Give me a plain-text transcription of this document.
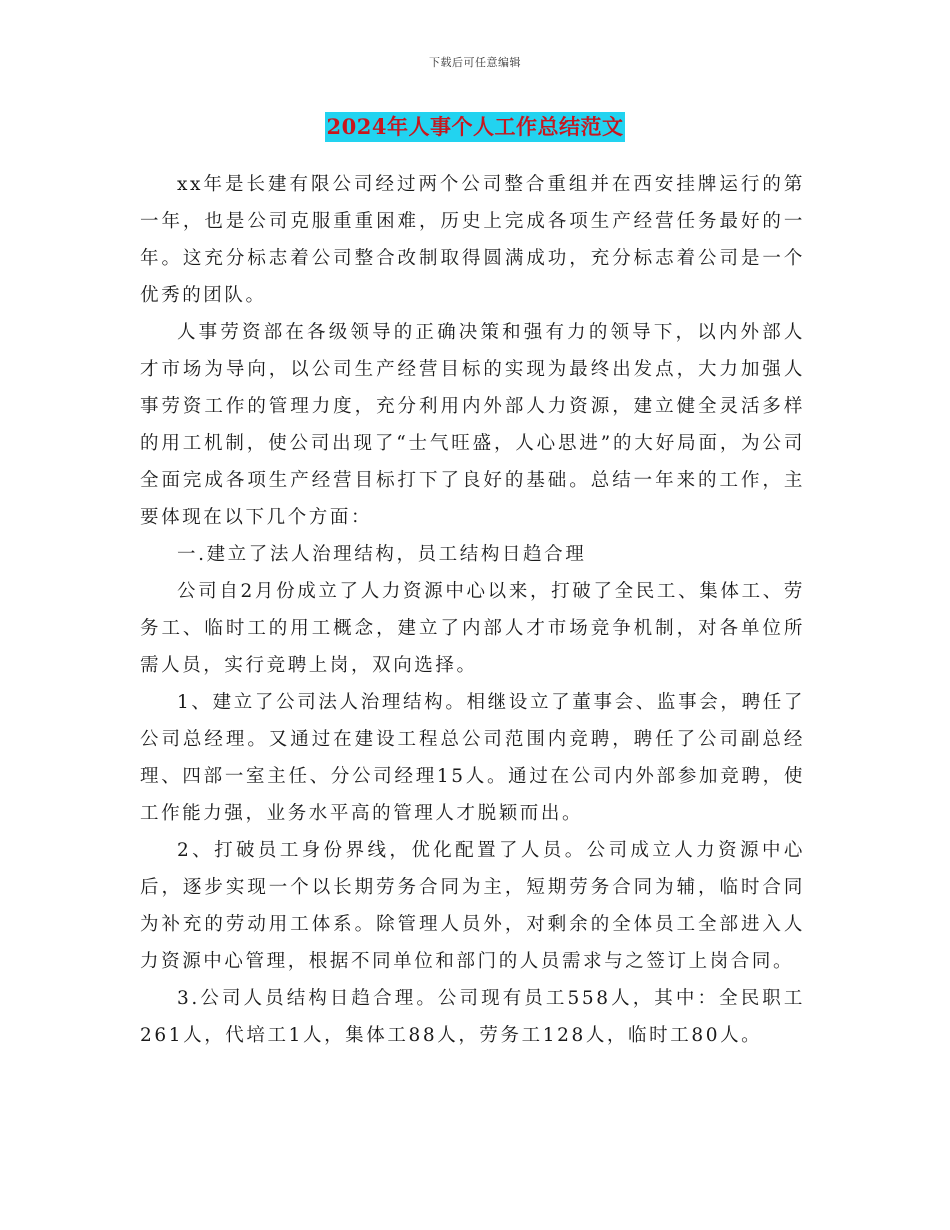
下载后可任意编辑
2024年人事个人工作总结范文

xx年是长建有限公司经过两个公司整合重组并在西安挂牌运行的第一年，也是公司克服重重困难，历史上完成各项生产经营任务最好的一年。这充分标志着公司整合改制取得圆满成功，充分标志着公司是一个优秀的团队。

人事劳资部在各级领导的正确决策和强有力的领导下，以内外部人才市场为导向，以公司生产经营目标的实现为最终出发点，大力加强人事劳资工作的管理力度，充分利用内外部人力资源，建立健全灵活多样的用工机制，使公司出现了“士气旺盛，人心思进”的大好局面，为公司全面完成各项生产经营目标打下了良好的基础。总结一年来的工作，主要体现在以下几个方面：

一.建立了法人治理结构，员工结构日趋合理

公司自2月份成立了人力资源中心以来，打破了全民工、集体工、劳务工、临时工的用工概念，建立了内部人才市场竞争机制，对各单位所需人员，实行竞聘上岗，双向选择。

1、建立了公司法人治理结构。相继设立了董事会、监事会，聘任了公司总经理。又通过在建设工程总公司范围内竞聘，聘任了公司副总经理、四部一室主任、分公司经理15人。通过在公司内外部参加竞聘，使工作能力强，业务水平高的管理人才脱颖而出。

2、打破员工身份界线，优化配置了人员。公司成立人力资源中心后，逐步实现一个以长期劳务合同为主，短期劳务合同为辅，临时合同为补充的劳动用工体系。除管理人员外，对剩余的全体员工全部进入人力资源中心管理，根据不同单位和部门的人员需求与之签订上岗合同。

3.公司人员结构日趋合理。公司现有员工558人，其中：全民职工261人，代培工1人，集体工88人，劳务工128人，临时工80人。
